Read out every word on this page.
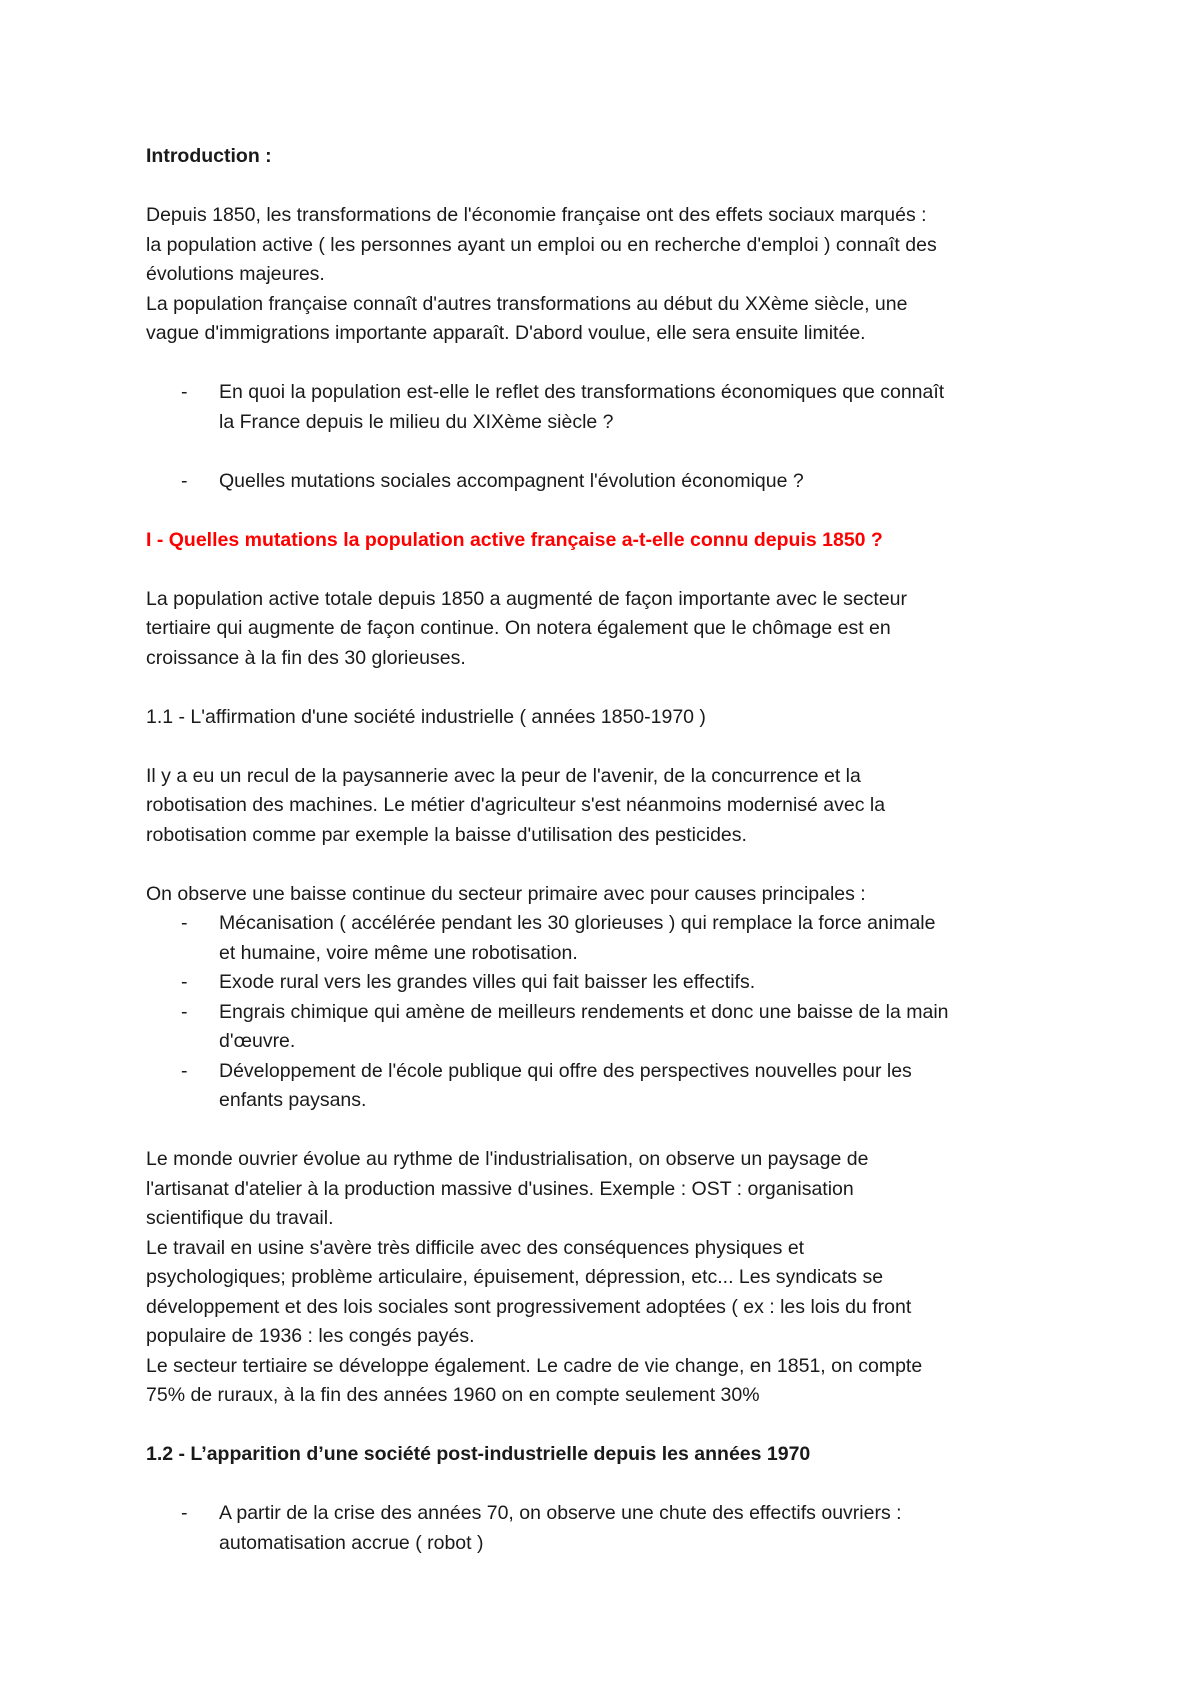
Introduction :

Depuis 1850, les transformations de l'économie française ont des effets sociaux marqués :

la population active ( les personnes ayant un emploi ou en recherche d'emploi ) connaît des

évolutions majeures.

La population française connaît d'autres transformations au début du XXème siècle, une

vague d'immigrations importante apparaît. D'abord voulue, elle sera ensuite limitée.

- En quoi la population est-elle le reflet des transformations économiques que connaît

la France depuis le milieu du XIXème siècle ?

- Quelles mutations sociales accompagnent l'évolution économique ?

I - Quelles mutations la population active française a-t-elle connu depuis 1850 ?

La population active totale depuis 1850 a augmenté de façon importante avec le secteur

tertiaire qui augmente de façon continue. On notera également que le chômage est en

croissance à la fin des 30 glorieuses.

1.1 - L'affirmation d'une société industrielle ( années 1850-1970 )

Il y a eu un recul de la paysannerie avec la peur de l'avenir, de la concurrence et la

robotisation des machines. Le métier d'agriculteur s'est néanmoins modernisé avec la

robotisation comme par exemple la baisse d'utilisation des pesticides.

On observe une baisse continue du secteur primaire avec pour causes principales :

- Mécanisation ( accélérée pendant les 30 glorieuses ) qui remplace la force animale

et humaine, voire même une robotisation.

- Exode rural vers les grandes villes qui fait baisser les effectifs.

- Engrais chimique qui amène de meilleurs rendements et donc une baisse de la main

d'œuvre.

- Développement de l'école publique qui offre des perspectives nouvelles pour les

enfants paysans.

Le monde ouvrier évolue au rythme de l'industrialisation, on observe un paysage de

l'artisanat d'atelier à la production massive d'usines. Exemple : OST : organisation

scientifique du travail.

Le travail en usine s'avère très difficile avec des conséquences physiques et

psychologiques; problème articulaire, épuisement, dépression, etc... Les syndicats se

développement et des lois sociales sont progressivement adoptées ( ex : les lois du front

populaire de 1936 : les congés payés.

Le secteur tertiaire se développe également. Le cadre de vie change, en 1851, on compte

75% de ruraux, à la fin des années 1960 on en compte seulement 30%

1.2 - L’apparition d’une société post-industrielle depuis les années 1970

- A partir de la crise des années 70, on observe une chute des effectifs ouvriers :

automatisation accrue ( robot )
